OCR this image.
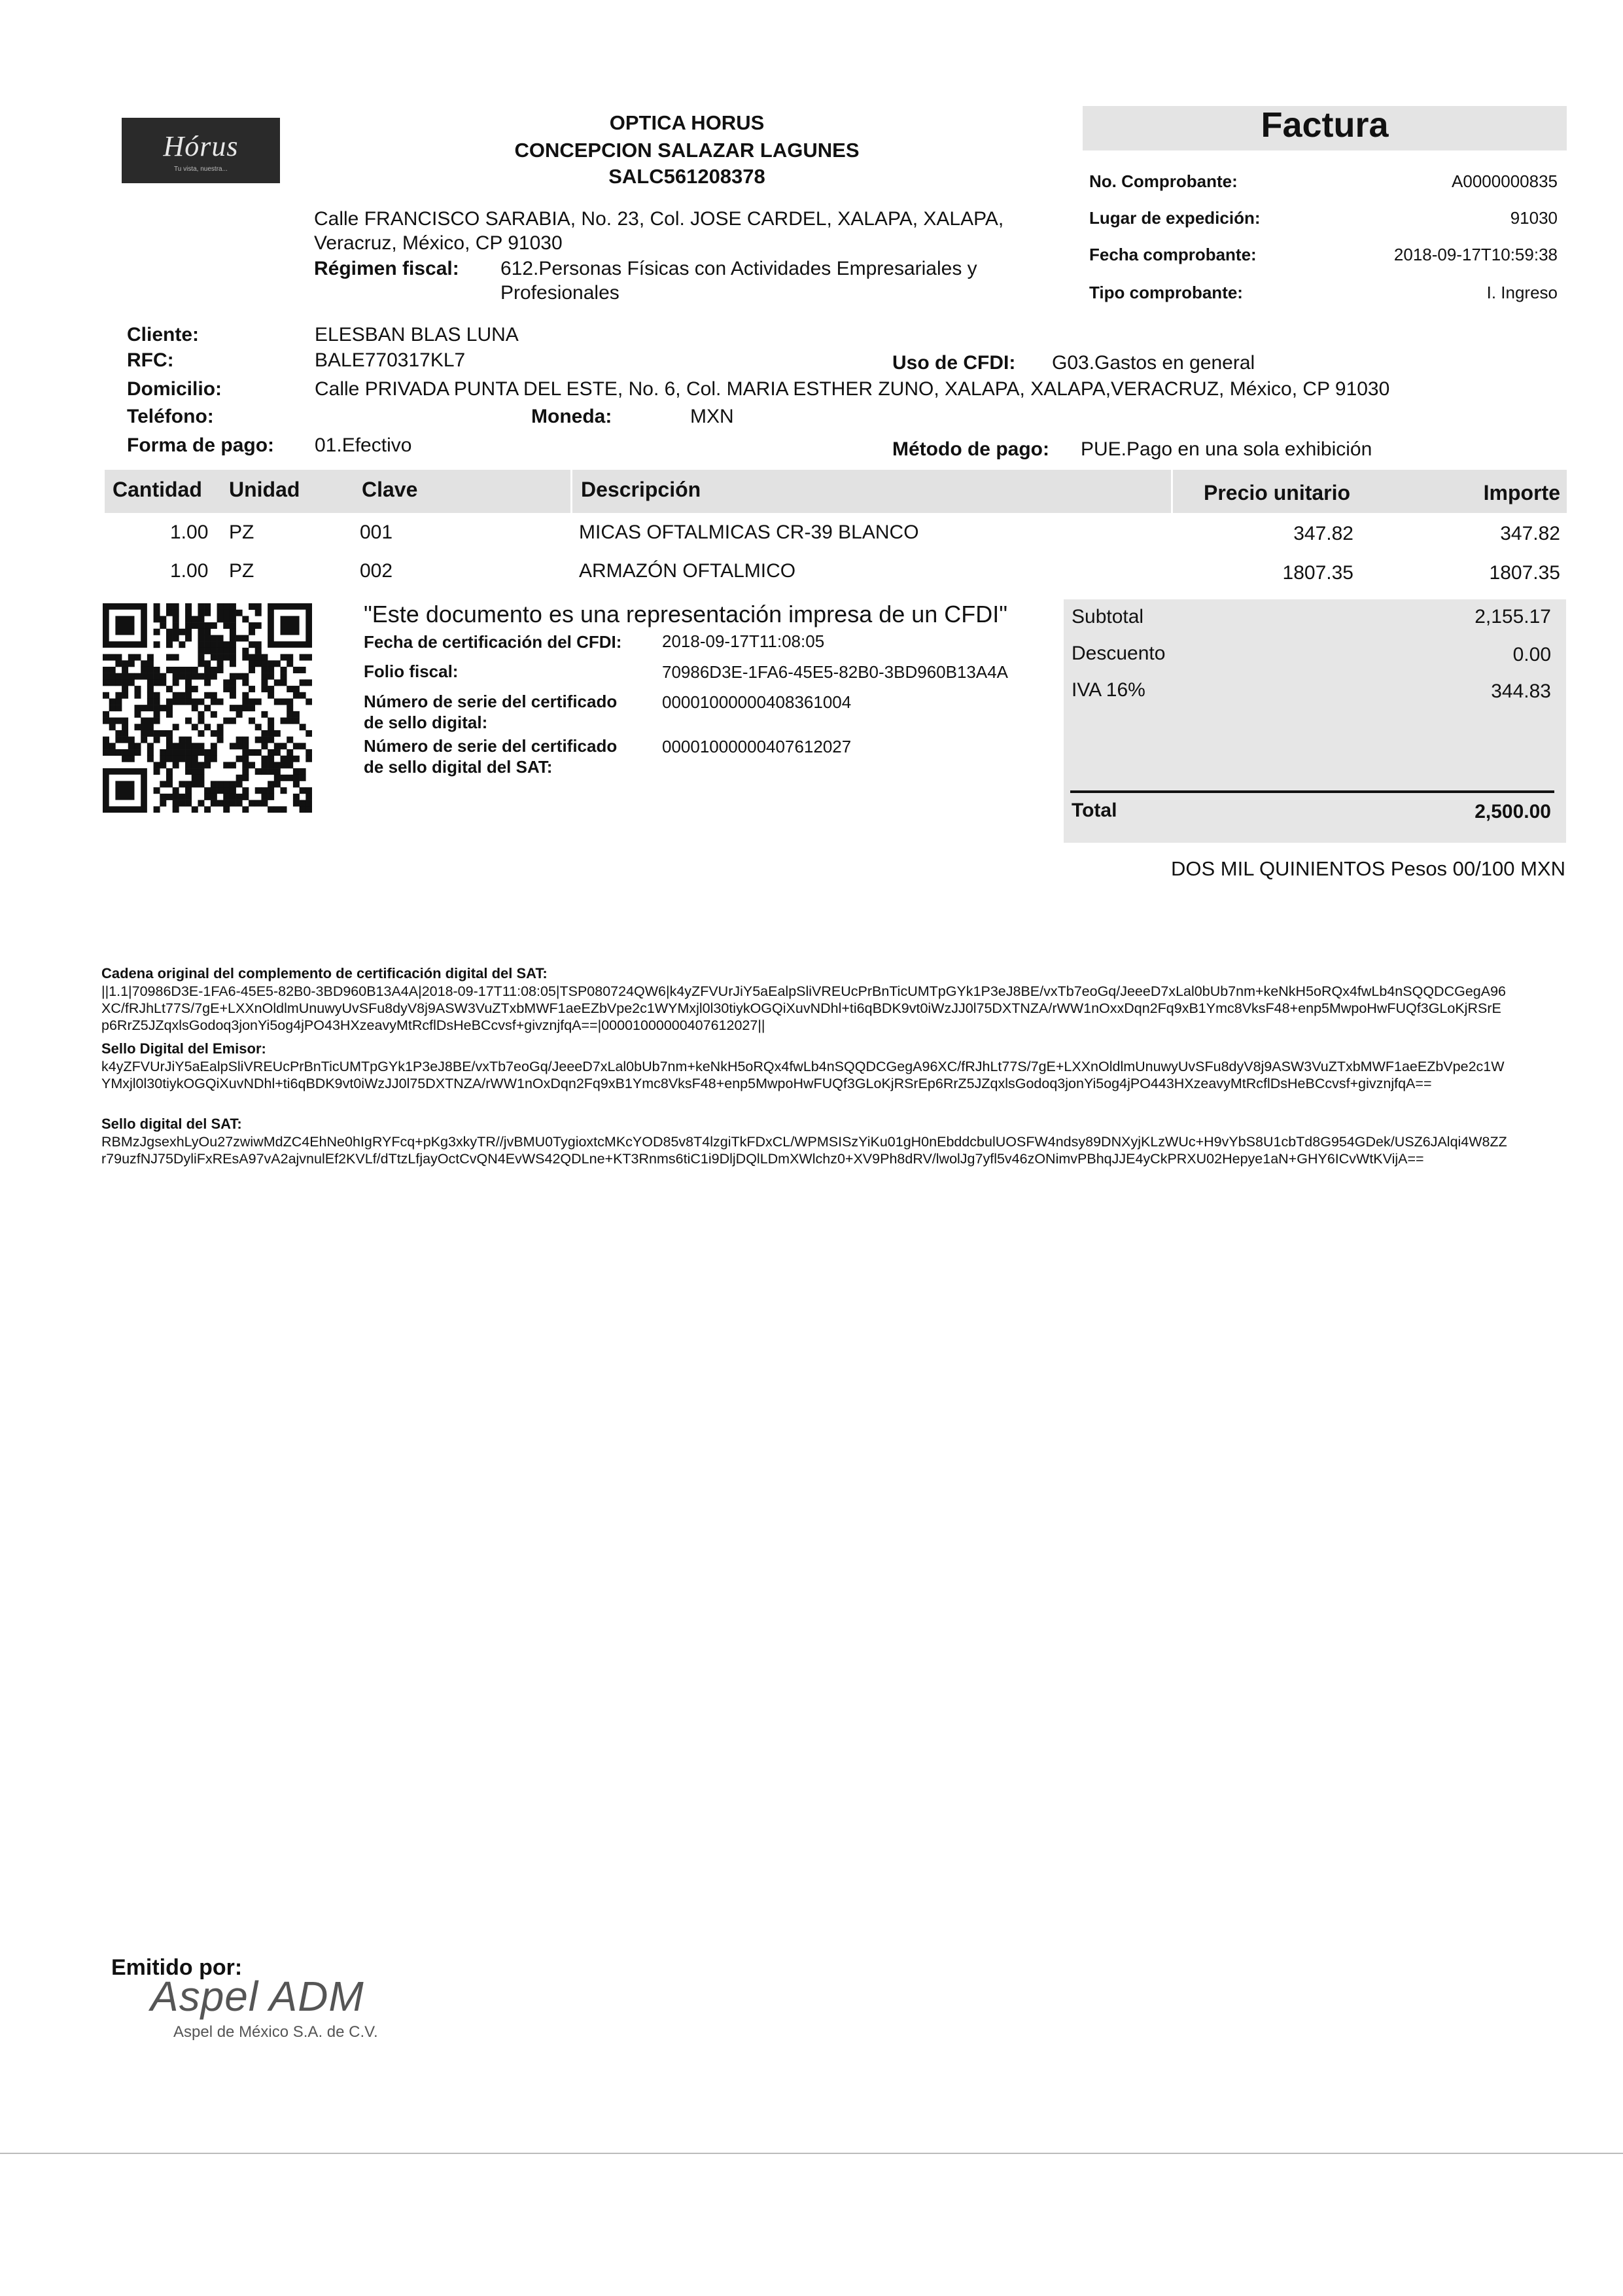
Hórus
Tu vista, nuestra...
OPTICA HORUS
CONCEPCION SALAZAR LAGUNES
SALC561208378
Calle FRANCISCO SARABIA, No. 23, Col. JOSE CARDEL, XALAPA, XALAPA,
Veracruz, México, CP 91030
Régimen fiscal: 612.Personas Físicas con Actividades Empresariales y
Profesionales
Factura
No. Comprobante:	A0000000835
Lugar de expedición:	91030
Fecha comprobante:	2018-09-17T10:59:38
Tipo comprobante:	I. Ingreso
Cliente:	ELESBAN BLAS LUNA
RFC:	BALE770317KL7	Uso de CFDI: G03.Gastos en general
Domicilio:	Calle PRIVADA PUNTA DEL ESTE, No. 6, Col. MARIA ESTHER ZUNO, XALAPA, XALAPA,VERACRUZ, México, CP 91030
Teléfono:	Moneda:	MXN
Forma de pago: 01.Efectivo	Método de pago: PUE.Pago en una sola exhibición
Cantidad Unidad	Clave	Descripción	Precio unitario	Importe
1.00 PZ	001	MICAS OFTALMICAS CR-39 BLANCO	347.82	347.82
1.00 PZ	002	ARMAZÓN OFTALMICO	1807.35	1807.35
"Este documento es una representación impresa de un CFDI"
Fecha de certificación del CFDI: 2018-09-17T11:08:05
Folio fiscal:	70986D3E-1FA6-45E5-82B0-3BD960B13A4A
Número de serie del certificado
de sello digital:
00001000000408361004
Número de serie del certificado
de sello digital del SAT:
00001000000407612027
Subtotal	2,155.17
Descuento	0.00
IVA 16%	344.83
Total	2,500.00
DOS MIL QUINIENTOS Pesos 00/100 MXN
Cadena original del complemento de certificación digital del SAT:
||1.1|70986D3E-1FA6-45E5-82B0-3BD960B13A4A|2018-09-17T11:08:05|TSP080724QW6|k4yZFVUrJiY5aEalpSliVREUcPrBnTicUMTpGYk1P3eJ8BE/vxTb7eoGq/JeeeD7xLal0bUb7nm+keNkH5oRQx4fwLb4nSQQDCGegA96XC/fRJhLt77S/7gE+LXXnOldlmUnuwyUvSFu8dyV8j9ASW3VuZTxbMWF1aeEZbVpe2c1WYMxjl0l30tiykOGQiXuvNDhl+ti6qBDK9vt0iWzJJ0l75DXTNZA/rWW1nOxxDqn2Fq9xB1Ymc8VksF48+enp5MwpoHwFUQf3GLoKjRSrEp6RrZ5JZqxlsGodoq3jonYi5og4jPO43HXzeavyMtRcflDsHeBCcvsf+givznjfqA==|00001000000407612027||
Sello Digital del Emisor:
k4yZFVUrJiY5aEalpSliVREUcPrBnTicUMTpGYk1P3eJ8BE/vxTb7eoGq/JeeeD7xLal0bUb7nm+keNkH5oRQx4fwLb4nSQQDCGegA96XC/fRJhLt77S/7gE+LXXnOldlmUnuwyUvSFu8dyV8j9ASW3VuZTxbMWF1aeEZbVpe2c1WYMxjl0l30tiykOGQiXuvNDhl+ti6qBDK9vt0iWzJJ0l75DXTNZA/rWW1nOxDqn2Fq9xB1Ymc8VksF48+enp5MwpoHwFUQf3GLoKjRSrEp6RrZ5JZqxlsGodoq3jonYi5og4jPO443HXzeavyMtRcflDsHeBCcvsf+givznjfqA==
Sello digital del SAT:
RBMzJgsexhLyOu27zwiwMdZC4EhNe0hIgRYFcq+pKg3xkyTR//jvBMU0TygioxtcMKcYOD85v8T4lzgiTkFDxCL/WPMSISzYiKu01gH0nEbddcbulUOSFW4ndsy89DNXyjKLzWUc+H9vYbS8U1cbTd8G954GDek/USZ6JAlqi4W8ZZr79uzfNJ75DyliFxREsA97vA2ajvnulEf2KVLf/dTtzLfjayOctCvQN4EvWS42QDLne+KT3Rnms6tiC1i9DljDQlLDmXWlchz0+XV9Ph8dRV/lwolJg7yfl5v46zONimvPBhqJJE4yCkPRXU02Hepye1aN+GHY6ICvWtKVijA==
Emitido por:
Aspel ADM
Aspel de México S.A. de C.V.
